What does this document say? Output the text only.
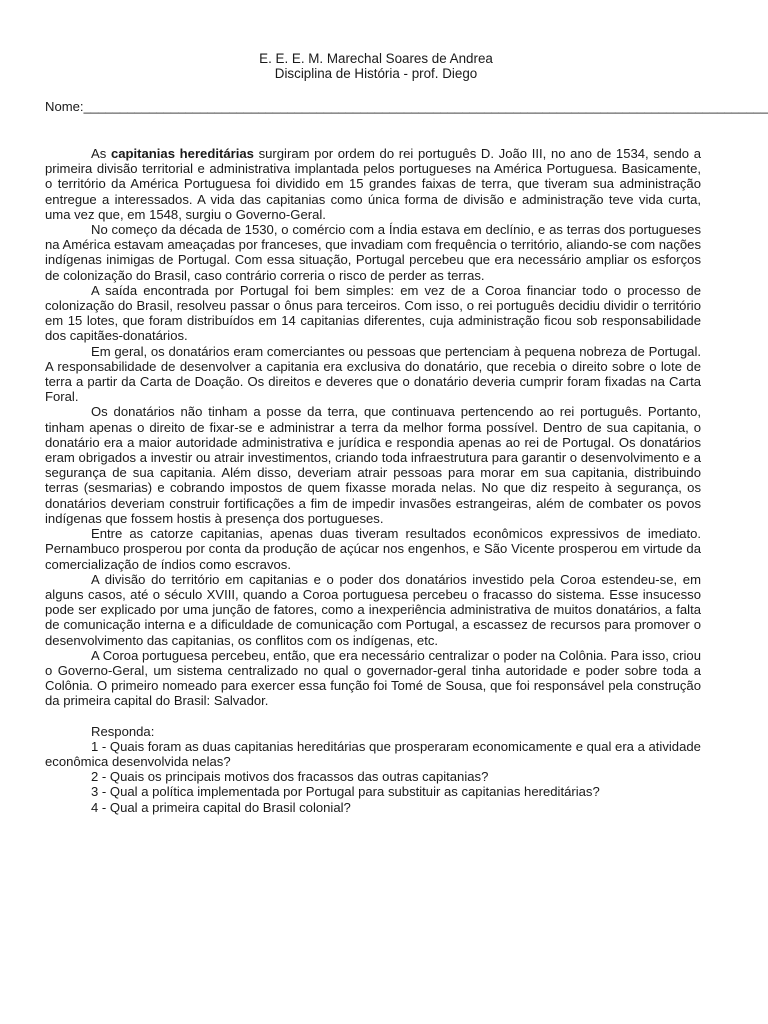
E. E. E. M. Marechal Soares de Andrea
Disciplina de História - prof. Diego
Nome:______________________________________________________________________________________________

As capitanias hereditárias surgiram por ordem do rei português D. João III, no ano de 1534, sendo a primeira divisão territorial e administrativa implantada pelos portugueses na América Portuguesa. Basicamente, o território da América Portuguesa foi dividido em 15 grandes faixas de terra, que tiveram sua administração entregue a interessados. A vida das capitanias como única forma de divisão e administração teve vida curta, uma vez que, em 1548, surgiu o Governo-Geral.

No começo da década de 1530, o comércio com a Índia estava em declínio, e as terras dos portugueses na América estavam ameaçadas por franceses, que invadiam com frequência o território, aliando-se com nações indígenas inimigas de Portugal. Com essa situação, Portugal percebeu que era necessário ampliar os esforços de colonização do Brasil, caso contrário correria o risco de perder as terras.

A saída encontrada por Portugal foi bem simples: em vez de a Coroa financiar todo o processo de colonização do Brasil, resolveu passar o ônus para terceiros. Com isso, o rei português decidiu dividir o território em 15 lotes, que foram distribuídos em 14 capitanias diferentes, cuja administração ficou sob responsabilidade dos capitães-donatários.

Em geral, os donatários eram comerciantes ou pessoas que pertenciam à pequena nobreza de Portugal. A responsabilidade de desenvolver a capitania era exclusiva do donatário, que recebia o direito sobre o lote de terra a partir da Carta de Doação. Os direitos e deveres que o donatário deveria cumprir foram fixadas na Carta Foral.

Os donatários não tinham a posse da terra, que continuava pertencendo ao rei português. Portanto, tinham apenas o direito de fixar-se e administrar a terra da melhor forma possível. Dentro de sua capitania, o donatário era a maior autoridade administrativa e jurídica e respondia apenas ao rei de Portugal. Os donatários eram obrigados a investir ou atrair investimentos, criando toda infraestrutura para garantir o desenvolvimento e a segurança de sua capitania. Além disso, deveriam atrair pessoas para morar em sua capitania, distribuindo terras (sesmarias) e cobrando impostos de quem fixasse morada nelas. No que diz respeito à segurança, os donatários deveriam construir fortificações a fim de impedir invasões estrangeiras, além de combater os povos indígenas que fossem hostis à presença dos portugueses.

Entre as catorze capitanias, apenas duas tiveram resultados econômicos expressivos de imediato. Pernambuco prosperou por conta da produção de açúcar nos engenhos, e São Vicente prosperou em virtude da comercialização de índios como escravos.

A divisão do território em capitanias e o poder dos donatários investido pela Coroa estendeu-se, em alguns casos, até o século XVIII, quando a Coroa portuguesa percebeu o fracasso do sistema. Esse insucesso pode ser explicado por uma junção de fatores, como a inexperiência administrativa de muitos donatários, a falta de comunicação interna e a dificuldade de comunicação com Portugal, a escassez de recursos para promover o desenvolvimento das capitanias, os conflitos com os indígenas, etc.

A Coroa portuguesa percebeu, então, que era necessário centralizar o poder na Colônia. Para isso, criou o Governo-Geral, um sistema centralizado no qual o governador-geral tinha autoridade e poder sobre toda a Colônia. O primeiro nomeado para exercer essa função foi Tomé de Sousa, que foi responsável pela construção da primeira capital do Brasil: Salvador.

Responda:

1 - Quais foram as duas capitanias hereditárias que prosperaram economicamente e qual era a atividade econômica desenvolvida nelas?

2 - Quais os principais motivos dos fracassos das outras capitanias?

3 - Qual a política implementada por Portugal para substituir as capitanias hereditárias?

4 - Qual a primeira capital do Brasil colonial?
